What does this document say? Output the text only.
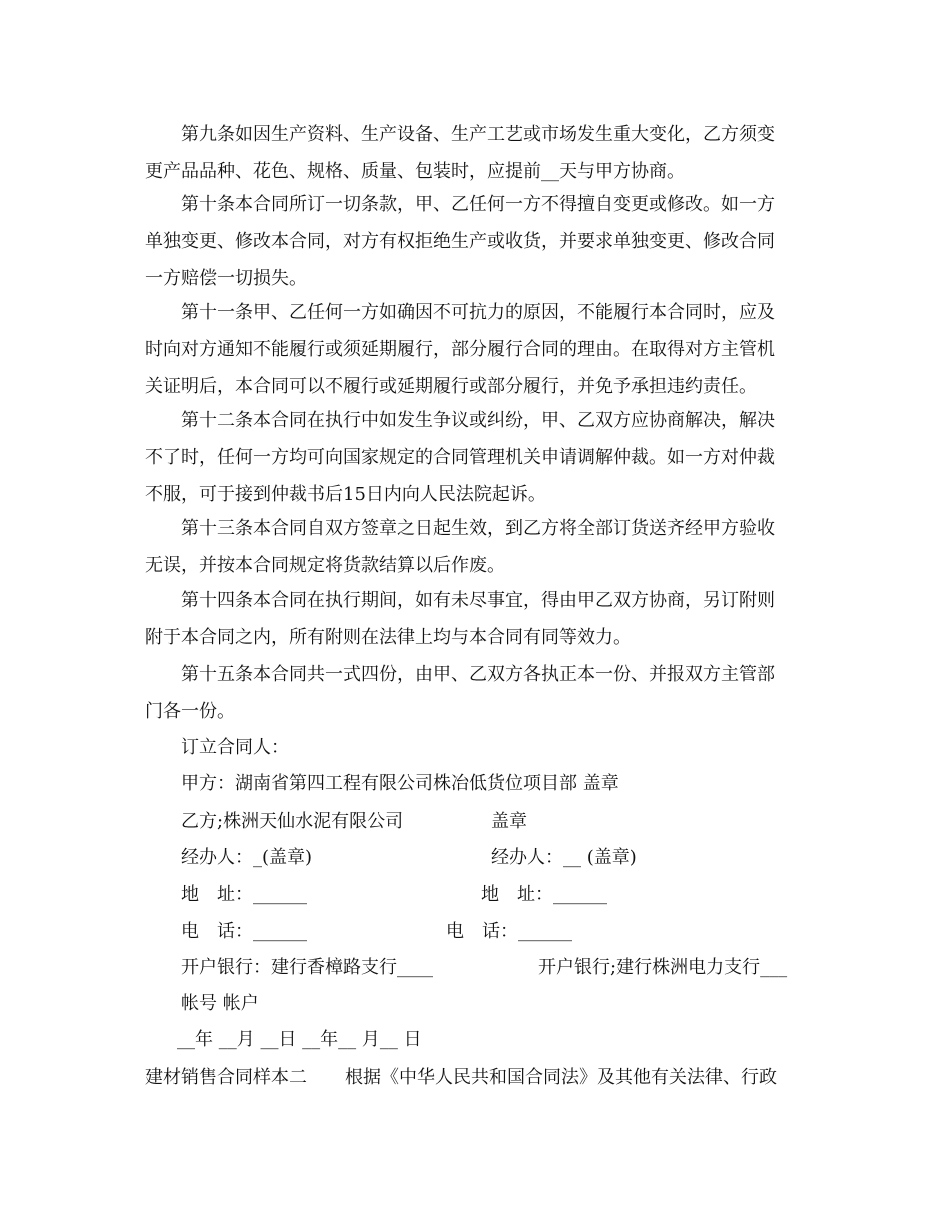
第九条如因生产资料、生产设备、生产工艺或市场发生重大变化，乙方须变
更产品品种、花色、规格、质量、包装时，应提前__天与甲方协商。
第十条本合同所订一切条款，甲、乙任何一方不得擅自变更或修改。如一方
单独变更、修改本合同，对方有权拒绝生产或收货，并要求单独变更、修改合同
一方赔偿一切损失。
第十一条甲、乙任何一方如确因不可抗力的原因，不能履行本合同时，应及
时向对方通知不能履行或须延期履行，部分履行合同的理由。在取得对方主管机
关证明后，本合同可以不履行或延期履行或部分履行，并免予承担违约责任。
第十二条本合同在执行中如发生争议或纠纷，甲、乙双方应协商解决，解决
不了时，任何一方均可向国家规定的合同管理机关申请调解仲裁。如一方对仲裁
不服，可于接到仲裁书后15日内向人民法院起诉。
第十三条本合同自双方签章之日起生效，到乙方将全部订货送齐经甲方验收
无误，并按本合同规定将货款结算以后作废。
第十四条本合同在执行期间，如有未尽事宜，得由甲乙双方协商，另订附则
附于本合同之内，所有附则在法律上均与本合同有同等效力。
第十五条本合同共一式四份，由甲、乙双方各执正本一份、并报双方主管部
门各一份。
订立合同人：
甲方：湖南省第四工程有限公司株冶低货位项目部 盖章
乙方;株洲天仙水泥有限公司	盖章
经办人：_(盖章)	经办人：__ (盖章)
地　址：______	地　址：______
电　话：______	电　话：______
开户银行：建行香樟路支行____	开户银行;建行株洲电力支行___
帐号 帐户
__年 __月 __日 __年__ 月__ 日
建材销售合同样本二 根据《中华人民共和国合同法》及其他有关法律、行政
